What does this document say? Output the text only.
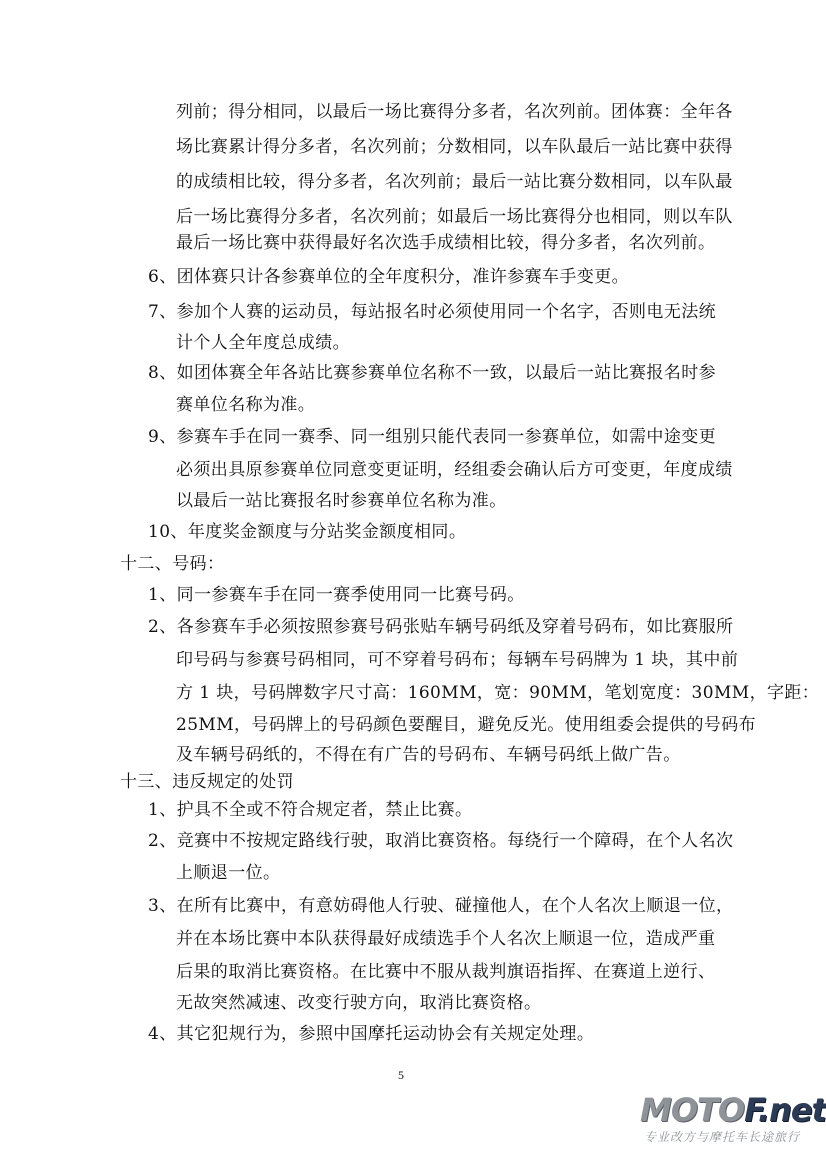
列前；得分相同，以最后一场比赛得分多者，名次列前。团体赛：全年各
场比赛累计得分多者，名次列前；分数相同，以车队最后一站比赛中获得
的成绩相比较，得分多者，名次列前；最后一站比赛分数相同，以车队最
后一场比赛得分多者，名次列前；如最后一场比赛得分也相同，则以车队
最后一场比赛中获得最好名次选手成绩相比较，得分多者，名次列前。
6、团体赛只计各参赛单位的全年度积分，准许参赛车手变更。
7、参加个人赛的运动员，每站报名时必须使用同一个名字，否则电无法统
计个人全年度总成绩。
8、如团体赛全年各站比赛参赛单位名称不一致，以最后一站比赛报名时参
赛单位名称为准。
9、参赛车手在同一赛季、同一组别只能代表同一参赛单位，如需中途变更
必须出具原参赛单位同意变更证明，经组委会确认后方可变更，年度成绩
以最后一站比赛报名时参赛单位名称为准。
10、年度奖金额度与分站奖金额度相同。
十二、号码：
1、同一参赛车手在同一赛季使用同一比赛号码。
2、各参赛车手必须按照参赛号码张贴车辆号码纸及穿着号码布，如比赛服所
印号码与参赛号码相同，可不穿着号码布；每辆车号码牌为 1 块，其中前
方 1 块，号码牌数字尺寸高：160MM，宽：90MM，笔划宽度：30MM，字距：
25MM，号码牌上的号码颜色要醒目，避免反光。使用组委会提供的号码布
及车辆号码纸的，不得在有广告的号码布、车辆号码纸上做广告。
十三、违反规定的处罚
1、护具不全或不符合规定者，禁止比赛。
2、竞赛中不按规定路线行驶，取消比赛资格。每绕行一个障碍，在个人名次
上顺退一位。
3、在所有比赛中，有意妨碍他人行驶、碰撞他人，在个人名次上顺退一位，
并在本场比赛中本队获得最好成绩选手个人名次上顺退一位，造成严重
后果的取消比赛资格。在比赛中不服从裁判旗语指挥、在赛道上逆行、
无故突然减速、改变行驶方向，取消比赛资格。
4、其它犯规行为，参照中国摩托运动协会有关规定处理。
5
MOTOF.net
专业改方与摩托车长途旅行
